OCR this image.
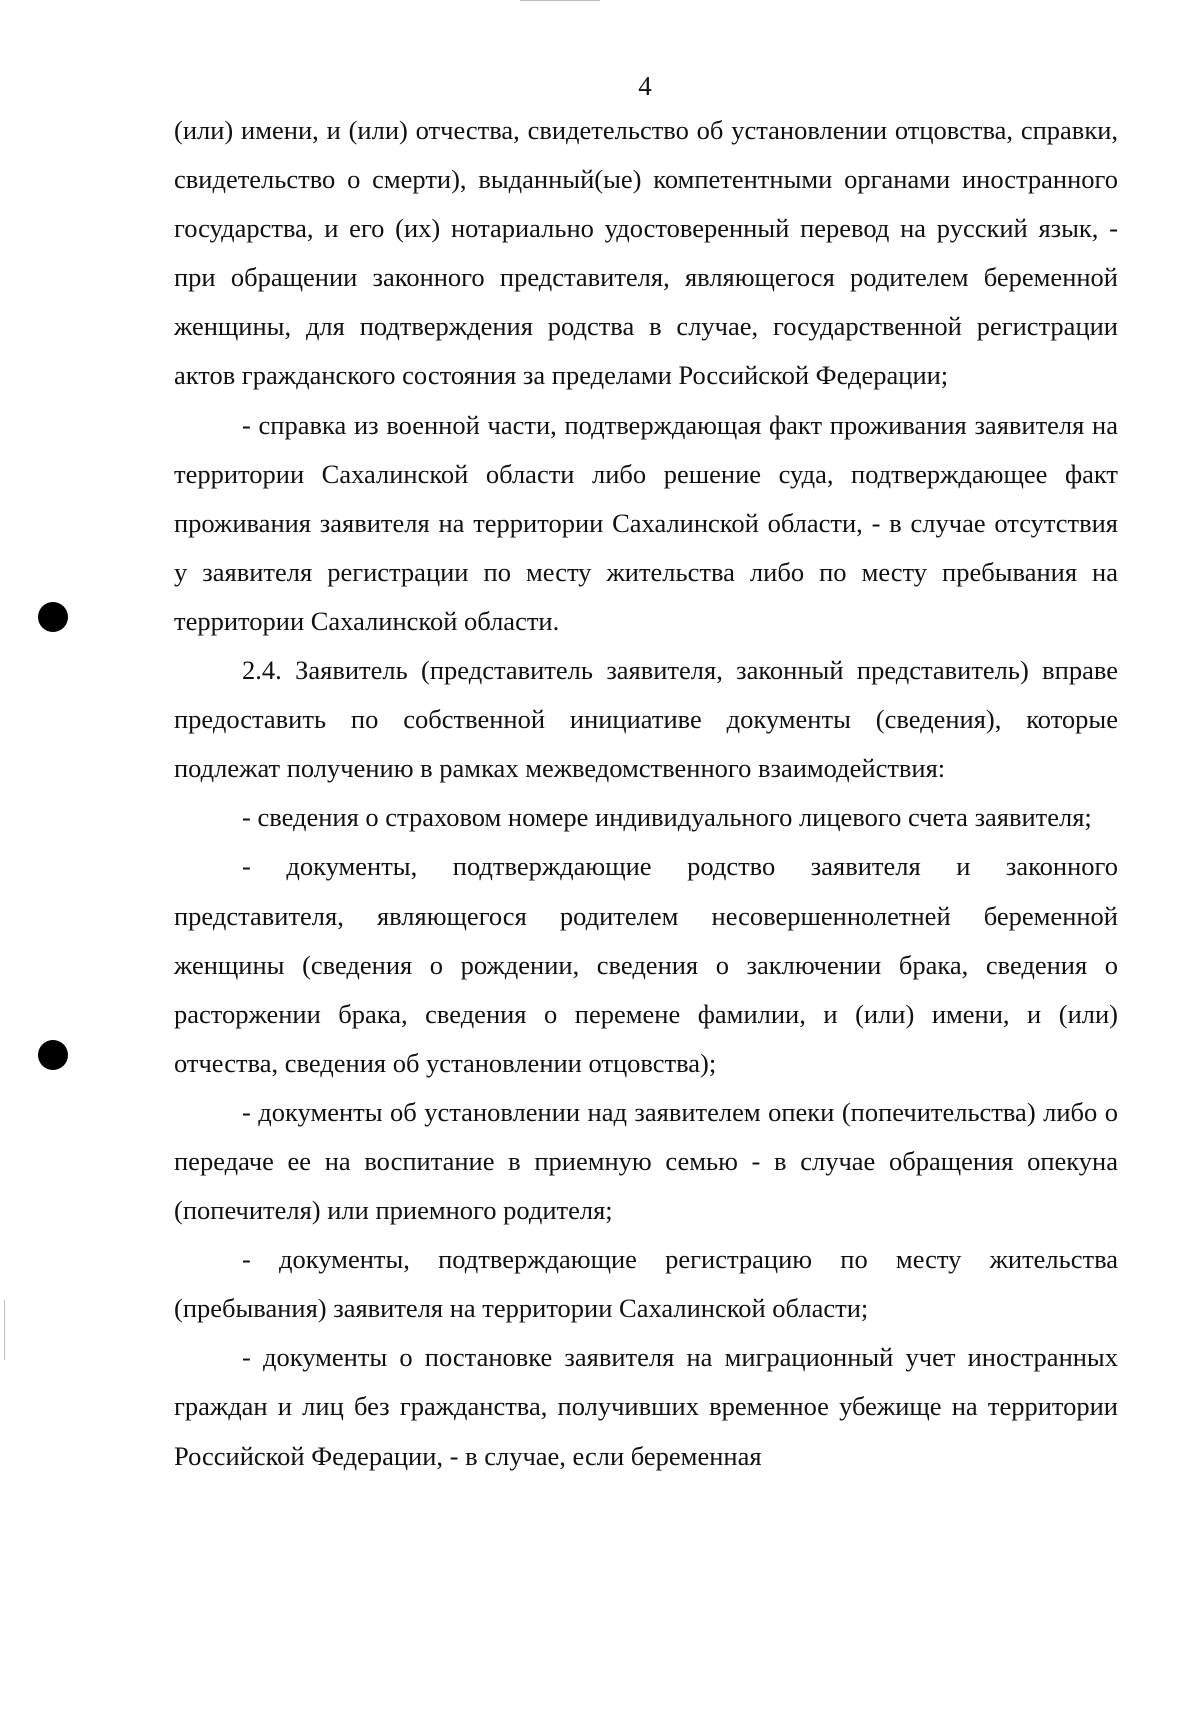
4

(или) имени, и (или) отчества, свидетельство об установлении отцовства, справки, свидетельство о смерти), выданный(ые) компетентными органами иностранного государства, и его (их) нотариально удостоверенный перевод на русский язык, - при обращении законного представителя, являющегося родителем беременной женщины, для подтверждения родства в случае, государственной регистрации актов гражданского состояния за пределами Российской Федерации;

- справка из военной части, подтверждающая факт проживания заявителя на территории Сахалинской области либо решение суда, подтверждающее факт проживания заявителя на территории Сахалинской области, - в случае отсутствия у заявителя регистрации по месту жительства либо по месту пребывания на территории Сахалинской области.

2.4. Заявитель (представитель заявителя, законный представитель) вправе предоставить по собственной инициативе документы (сведения), которые подлежат получению в рамках межведомственного взаимодействия:

- сведения о страховом номере индивидуального лицевого счета заявителя;

- документы, подтверждающие родство заявителя и законного представителя, являющегося родителем несовершеннолетней беременной женщины (сведения о рождении, сведения о заключении брака, сведения о расторжении брака, сведения о перемене фамилии, и (или) имени, и (или) отчества, сведения об установлении отцовства);

- документы об установлении над заявителем опеки (попечительства) либо о передаче ее на воспитание в приемную семью - в случае обращения опекуна (попечителя) или приемного родителя;

- документы, подтверждающие регистрацию по месту жительства (пребывания) заявителя на территории Сахалинской области;

- документы о постановке заявителя на миграционный учет иностранных граждан и лиц без гражданства, получивших временное убежище на территории Российской Федерации, - в случае, если беременная
